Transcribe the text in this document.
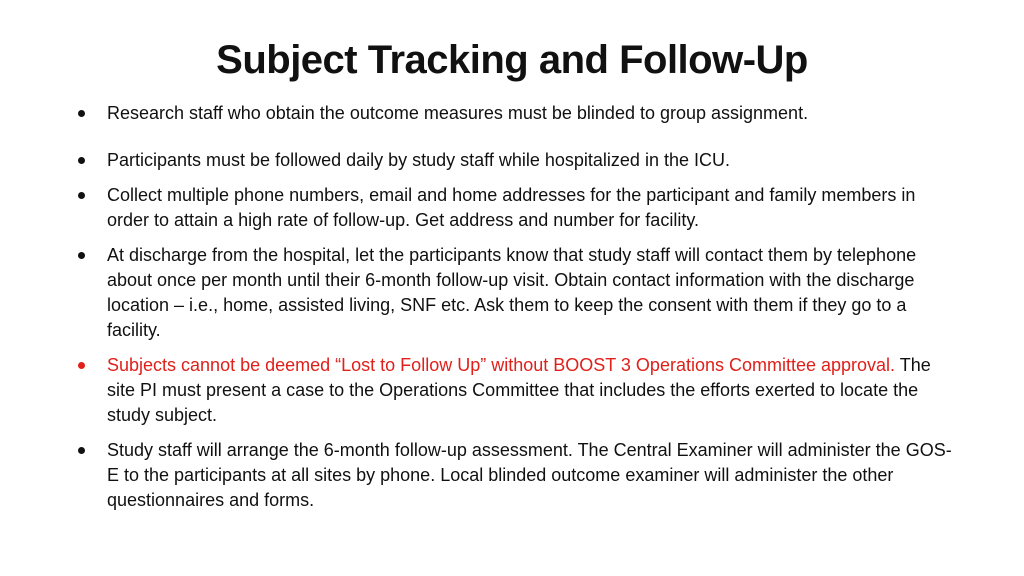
Subject Tracking and Follow-Up
Research staff who obtain the outcome measures must be blinded to group assignment.
Participants must be followed daily by study staff while hospitalized in the ICU.
Collect multiple phone numbers, email and home addresses for the participant and family members in order to attain a high rate of follow-up. Get address and number for facility.
At discharge from the hospital, let the participants know that study staff will contact them by telephone about once per month until their 6-month follow-up visit. Obtain contact information with the discharge location – i.e., home, assisted living, SNF etc. Ask them to keep the consent with them if they go to a facility.
Subjects cannot be deemed “Lost to Follow Up” without BOOST 3 Operations Committee approval. The site PI must present a case to the Operations Committee that includes the efforts exerted to locate the study subject.
Study staff will arrange the 6-month follow-up assessment. The Central Examiner will administer the GOS-E to the participants at all sites by phone. Local blinded outcome examiner will administer the other questionnaires and forms.
